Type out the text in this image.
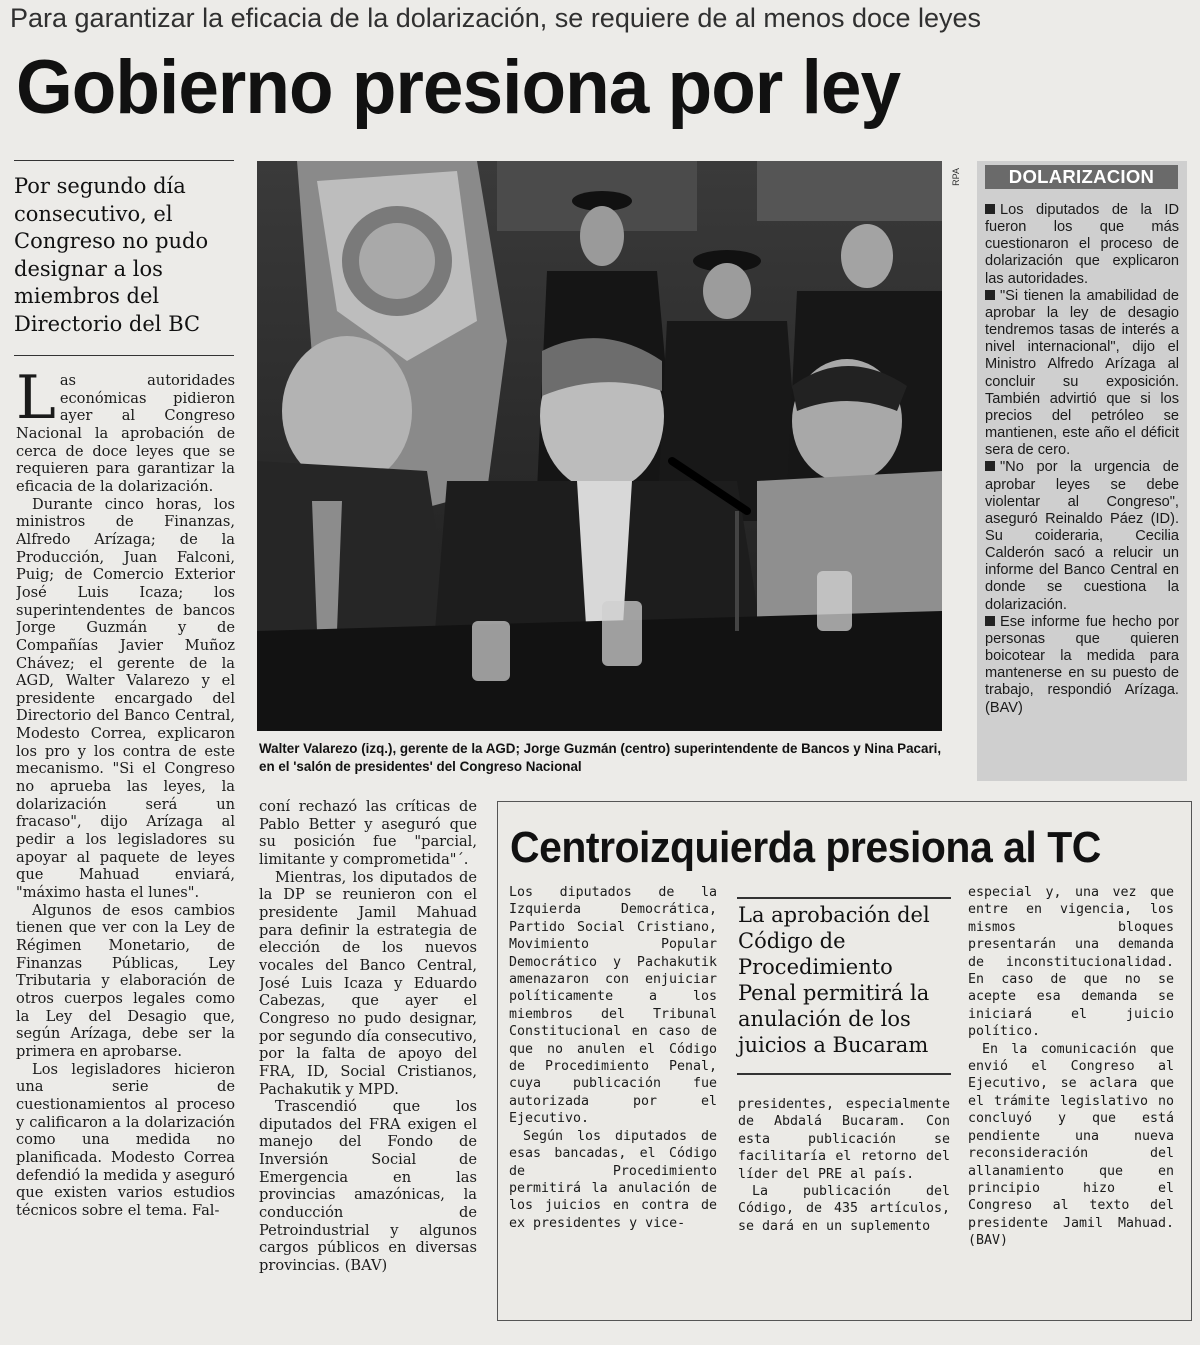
Para garantizar la eficacia de la dolarización, se requiere de al menos doce leyes
Gobierno presiona por ley
Por segundo día consecutivo, el Congreso no pudo designar a los miembros del Directorio del BC

Las autoridades económicas pidieron ayer al Congreso Nacional la aprobación de cerca de doce leyes que se requieren para garantizar la eficacia de la dolarización.

Durante cinco horas, los ministros de Finanzas, Alfredo Arízaga; de la Producción, Juan Falconi, Puig; de Comercio Exterior José Luis Icaza; los superintendentes de bancos Jorge Guzmán y de Compañías Javier Muñoz Chávez; el gerente de la AGD, Walter Valarezo y el presidente encargado del Directorio del Banco Central, Modesto Correa, explicaron los pro y los contra de este mecanismo. "Si el Congreso no aprueba las leyes, la dolarización será un fracaso", dijo Arízaga al pedir a los legisladores su apoyar al paquete de leyes que Mahuad enviará, "máximo hasta el lunes".

Algunos de esos cambios tienen que ver con la Ley de Régimen Monetario, de Finanzas Públicas, Ley Tributaria y elaboración de otros cuerpos legales como la Ley del Desagio que, según Arízaga, debe ser la primera en aprobarse.

Los legisladores hicieron una serie de cuestionamientos al proceso y calificaron a la dolarización como una medida no planificada. Modesto Correa defendió la medida y aseguró que existen varios estudios técnicos sobre el tema. Fal-

RPA
Walter Valarezo (izq.), gerente de la AGD; Jorge Guzmán (centro) superintendente de Bancos y Nina Pacari, en el 'salón de presidentes' del Congreso Nacional

coní rechazó las críticas de Pablo Better y aseguró que su posición fue "parcial, limitante y comprometida"´.

Mientras, los diputados de la DP se reunieron con el presidente Jamil Mahuad para definir la estrategia de elección de los nuevos vocales del Banco Central, José Luis Icaza y Eduardo Cabezas, que ayer el Congreso no pudo designar, por segundo día consecutivo, por la falta de apoyo del FRA, ID, Social Cristianos, Pachakutik y MPD.

Trascendió que los diputados del FRA exigen el manejo del Fondo de Inversión Social de Emergencia en las provincias amazónicas, la conducción de Petroindustrial y algunos cargos públicos en diversas provincias. (BAV)

DOLARIZACION

Los diputados de la ID fueron los que más cuestionaron el proceso de dolarización que explicaron las autoridades.

"Si tienen la amabilidad de aprobar la ley de desagio tendremos tasas de interés a nivel internacional", dijo el Ministro Alfredo Arízaga al concluir su exposición. También advirtió que si los precios del petróleo se mantienen, este año el déficit sera de cero.

"No por la urgencia de aprobar leyes se debe violentar al Congreso", aseguró Reinaldo Páez (ID). Su coideraria, Cecilia Calderón sacó a relucir un informe del Banco Central en donde se cuestiona la dolarización.

Ese informe fue hecho por personas que quieren boicotear la medida para mantenerse en su puesto de trabajo, respondió Arízaga. (BAV)

Centroizquierda presiona al TC

Los diputados de la Izquierda Democrática, Partido Social Cristiano, Movimiento Popular Democrático y Pachakutik amenazaron con enjuiciar políticamente a los miembros del Tribunal Constitucional en caso de que no anulen el Código de Procedimiento Penal, cuya publicación fue autorizada por el Ejecutivo.

Según los diputados de esas bancadas, el Código de Procedimiento permitirá la anulación de los juicios en contra de ex presidentes y vice-

La aprobación del Código de Procedimiento Penal permitirá la anulación de los juicios a Bucaram

presidentes, especialmente de Abdalá Bucaram. Con esta publicación se facilitaría el retorno del líder del PRE al país.

La publicación del Código, de 435 artículos, se dará en un suplemento

especial y, una vez que entre en vigencia, los mismos bloques presentarán una demanda de inconstitucionalidad. En caso de que no se acepte esa demanda se iniciará el juicio político.

En la comunicación que envió el Congreso al Ejecutivo, se aclara que el trámite legislativo no concluyó y que está pendiente una nueva reconsideración del allanamiento que en principio hizo el Congreso al texto del presidente Jamil Mahuad. (BAV)
